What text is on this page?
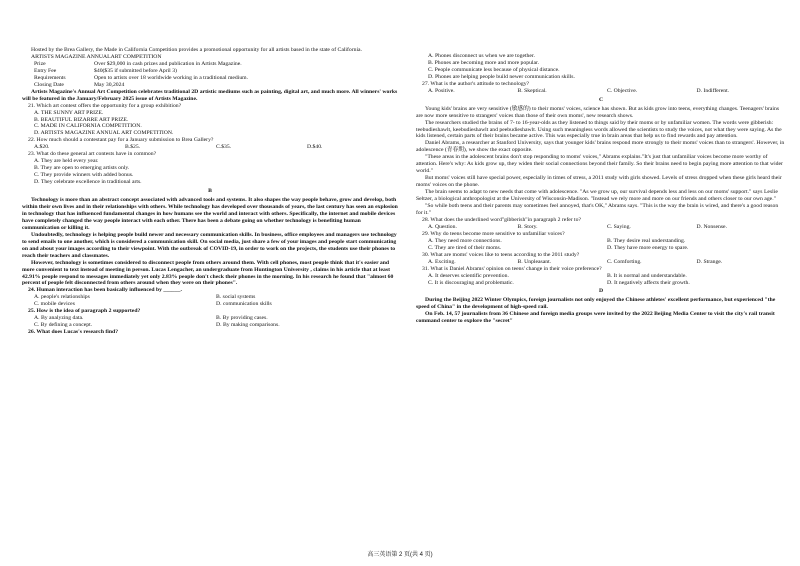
Hosted by the Brea Gallery, the Made in California Competition provides a promotional opportunity for all artists based in the state of California.

ARTISTS MAGAZINE ANNUALART COMPETITION

Prize	Over $29,000 in cash prizes and publication in Artists Magazine.
Entry Fee	$40($35 if submitted before April 3)
Requirements	Open to artists over 18 worldwide working in a traditional medium.
Closing Date	May 30,2024

Artists Magazine's Annual Art Competition celebrates traditional 2D artistic mediums such as painting, digital art, and much more. All winners' works will be featured in the January/February 2025 issue of Artists Magazine.

21. Which art contest offers the opportunity for a group exhibition?

A. THE SUNNY ART PRIZE.

B. BEAUTIFUL BIZARRE ART PRIZE.

C. MADE IN CALIFORNIA COMPETITION.

D. ARTISTS MAGAZINE ANNUAL ART COMPETITION.

22. How much should a contestant pay for a January submission to Brea Gallery?

A.$20.	B.$25.	C.$35.	D.$40.

23. What do these general art contests have in common?

A. They are held every year.

B. They are open to emerging artists only.

C. They provide winners with added bonus.

D. They celebrate excellence in traditional arts.

B

Technology is more than an abstract concept associated with advanced tools and systems. It also shapes the way people behave, grow and develop, both within their own lives and in their relationships with others. While technology has developed over thousands of years, the last century has seen an explosion in technology that has influenced fundamental changes in how humans see the world and interact with others. Specifically, the internet and mobile devices have completely changed the way people interact with each other. There has been a debate going on whether technology is benefiting human communication or killing it.

Undoubtedly, technology is helping people build newer and necessary communication skills. In business, office employees and managers use technology to send emails to one another, which is considered a communication skill. On social media, just share a few of your images and people start communicating on and about your images according to their viewpoint. With the outbreak of COVID-19, in order to work on the projects, the students use their phones to reach their teachers and classmates.

However, technology is sometimes considered to disconnect people from others around them. With cell phones, most people think that it's easier and more convenient to text instead of meeting in person. Lucas Lengacher, an undergraduate from Huntington University , claims in his article that at least 42.91% people respond to messages immediately yet only 2.83% people don't check their phones in the morning. In his research he found that "almost 60 percent of people felt disconnected from others around when they were on their phones".

24. Human interaction has been basically influenced by ______.

A. people's relationships	B. social systems
C. mobile devices	D. communication skills

25. How is the idea of paragraph 2 supported?

A. By analyzing data.	B. By providing cases.
C. By defining a concept.	D. By making comparisons.

26. What does Lucas's research find?

A. Phones disconnect us when we are together.

B. Phones are becoming more and more popular.

C. People communicate less because of physical distance.

D. Phones are helping people build newer communication skills.

27. What is the author's attitude to technology?

A. Positive.	B. Skeptical.	C. Objective.	D. Indifferent.

C

Young kids' brains are very sensitive (敏感的) to their moms' voices, science has shown. But as kids grow into teens, everything changes. Teenagers' brains are now more sensitive to strangers' voices than those of their own moms', new research shows.

The researchers studied the brains of 7- to 16-year-olds as they listened to things said by their moms or by unfamiliar women. The words were gibberish: teebudieshawlt, keebudieshawlt and peebudieshawlt. Using such meaningless words allowed the scientists to study the voices, not what they were saying. As the kids listened, certain parts of their brains became active. This was especially true in brain areas that help us to find rewards and pay attention.

Daniel Abrams, a researcher at Stanford University, says that younger kids' brains respond more strongly to their moms' voices than to strangers'. However, in adolescence (青春期), we show the exact opposite.

"These areas in the adolescent brains don't stop responding to moms' voices," Abrams explains."It's just that unfamiliar voices become more worthy of attention. Here's why: As kids grow up, they widen their social connections beyond their family. So their brains need to begin paying more attention to that wider world."

But moms' voices still have special power, especially in times of stress, a 2011 study with girls showed. Levels of stress dropped when these girls heard their moms' voices on the phone.

The brain seems to adapt to new needs that come with adolescence. "As we grow up, our survival depends less and less on our moms' support." says Leslie Seltzer, a biological anthropologist at the University of Wisconsin-Madison. "Instead we rely more and more on our friends and others closer to our own age."

"So while both teens and their parents may sometimes feel annoyed, that's OK," Abrams says. "This is the way the brain is wired, and there's a good reason for it."

28. What does the underlined word"gibberish"in paragraph 2 refer to?

A. Question.	B. Story.	C. Saying.	D. Nonsense.

29. Why do teens become more sensitive to unfamiliar voices?

A. They need more connections.	B. They desire real understanding.
C. They are tired of their moms.	D. They have more energy to spare.

30. What are moms' voices like to teens according to the 2011 study?

A. Exciting.	B. Unpleasant.	C. Comforting.	D. Strange.

31. What is Daniel Abrams' opinion on teens' change in their voice preference?

A. It deserves scientific prevention.	B. It is normal and understandable.
C. It is discouraging and problematic.	D. It negatively affects their growth.

D

During the Beijing 2022 Winter Olympics, foreign journalists not only enjoyed the Chinese athletes' excellent performance, but experienced "the speed of China" in the development of high-speed rail.

On Feb. 14, 57 journalists from 36 Chinese and foreign media groups were invited by the 2022 Beijing Media Center to visit the city's rail transit command center to explore the "secret"

高三英语第 2 页(共 4 页)
